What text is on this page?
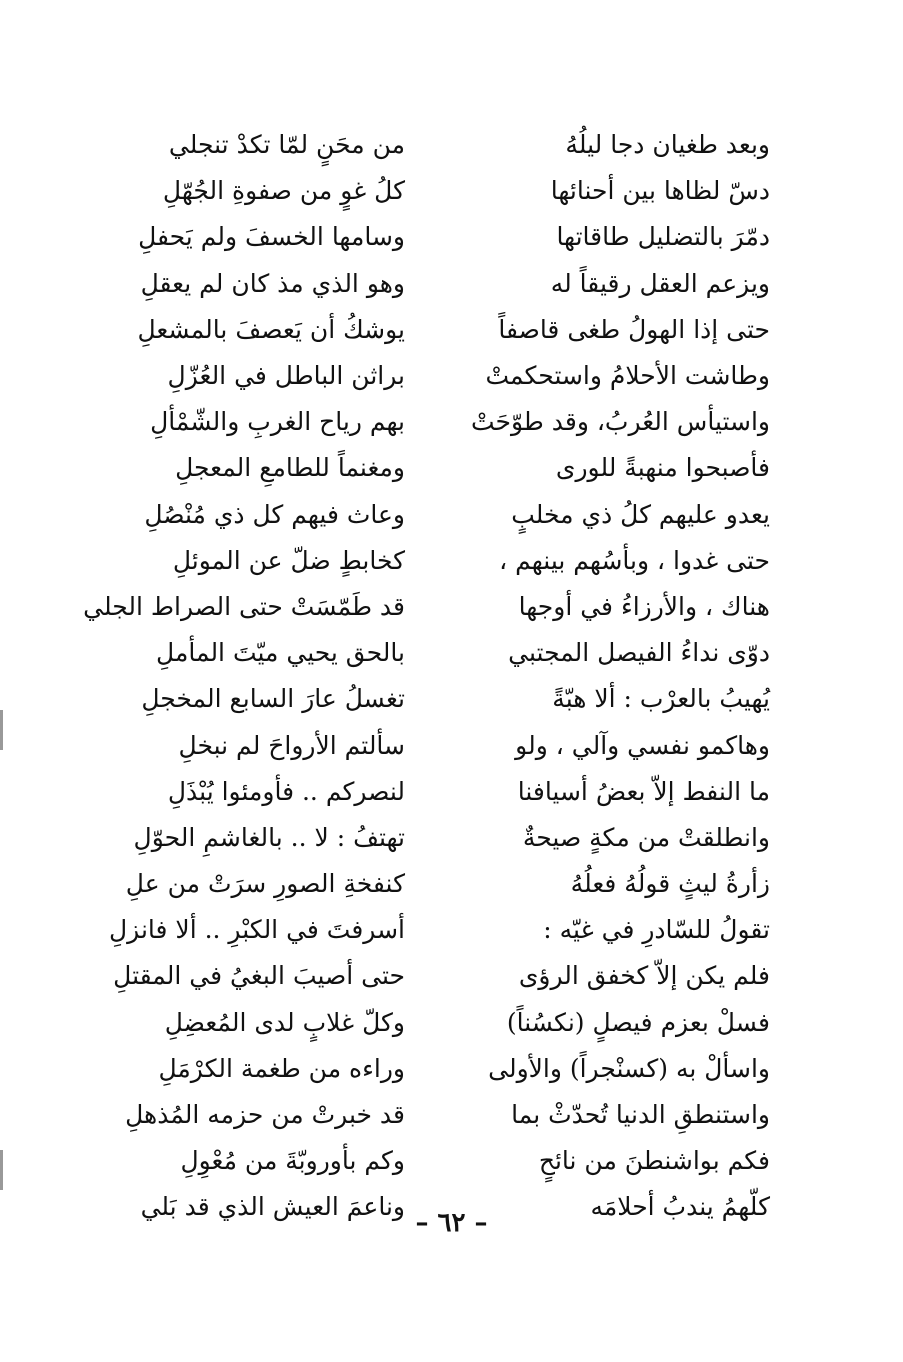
وبعد طغيان دجا ليلُهُ
من محَنٍ لمّا تكدْ تنجلي
دسّ لظاها بين أحنائها
كلُ غوٍ من صفوةِ الجُهّلِ
دمّرَ بالتضليل طاقاتها
وسامها الخسفَ ولم يَحفلِ
ويزعم العقل رقيقاً له
وهو الذي مذ كان لم يعقلِ
حتى إذا الهولُ طغى قاصفاً
يوشكُ أن يَعصفَ بالمشعلِ
وطاشت الأحلامُ واستحكمتْ
براثن الباطل في العُزّلِ
واستيأس العُربُ، وقد طوّحَتْ
بهم رياح الغربِ والشّمْألِ
فأصبحوا منهبةً للورى
ومغنماً للطامعِ المعجلِ
يعدو عليهم كلُ ذي مخلبٍ
وعاث فيهم كل ذي مُنْصُلِ
حتى غدوا ، وبأسُهم بينهم ،
كخابطٍ ضلّ عن الموئلِ
هناك ، والأرزاءُ في أوجها
قد طَمّسَتْ حتى الصراط الجلي
دوّى نداءُ الفيصل المجتبي
بالحق يحيي ميّتَ المأملِ
يُهيبُ بالعرْب : ألا هبّةً
تغسلُ عارَ السابع المخجلِ
وهاكمو نفسي وآلي ، ولو
سألتم الأرواحَ لم نبخلِ
ما النفط إلاّ بعضُ أسيافنا
لنصركم .. فأومئوا يُبْذَلِ
وانطلقتْ من مكةٍ صيحةٌ
تهتفُ : لا .. بالغاشمِ الحوّلِ
زأرةُ ليثٍ قولُهُ فعلُهُ
كنفخةِ الصورِ سرَتْ من علِ
تقولُ للسّادرِ في غيّه :
أسرفتَ في الكبْرِ .. ألا فانزلِ
فلم يكن إلاّ كخفق الرؤى
حتى أصيبَ البغيُ في المقتلِ
فسلْ بعزم فيصلٍ (نكسُناً)
وكلّ غلابٍ لدى المُعضِلِ
واسألْ به (كسنْجراً) والأولى
وراءه من طغمة الكرْمَلِ
واستنطقِ الدنيا تُحدّثْ بما
قد خبرتْ من حزمه المُذهلِ
فكم بواشنطنَ من نائحٍ
وكم بأوروبّةَ من مُعْوِلِ
كلّهمُ يندبُ أحلامَه
وناعمَ العيش الذي قد بَلي
– ٦٢ –
